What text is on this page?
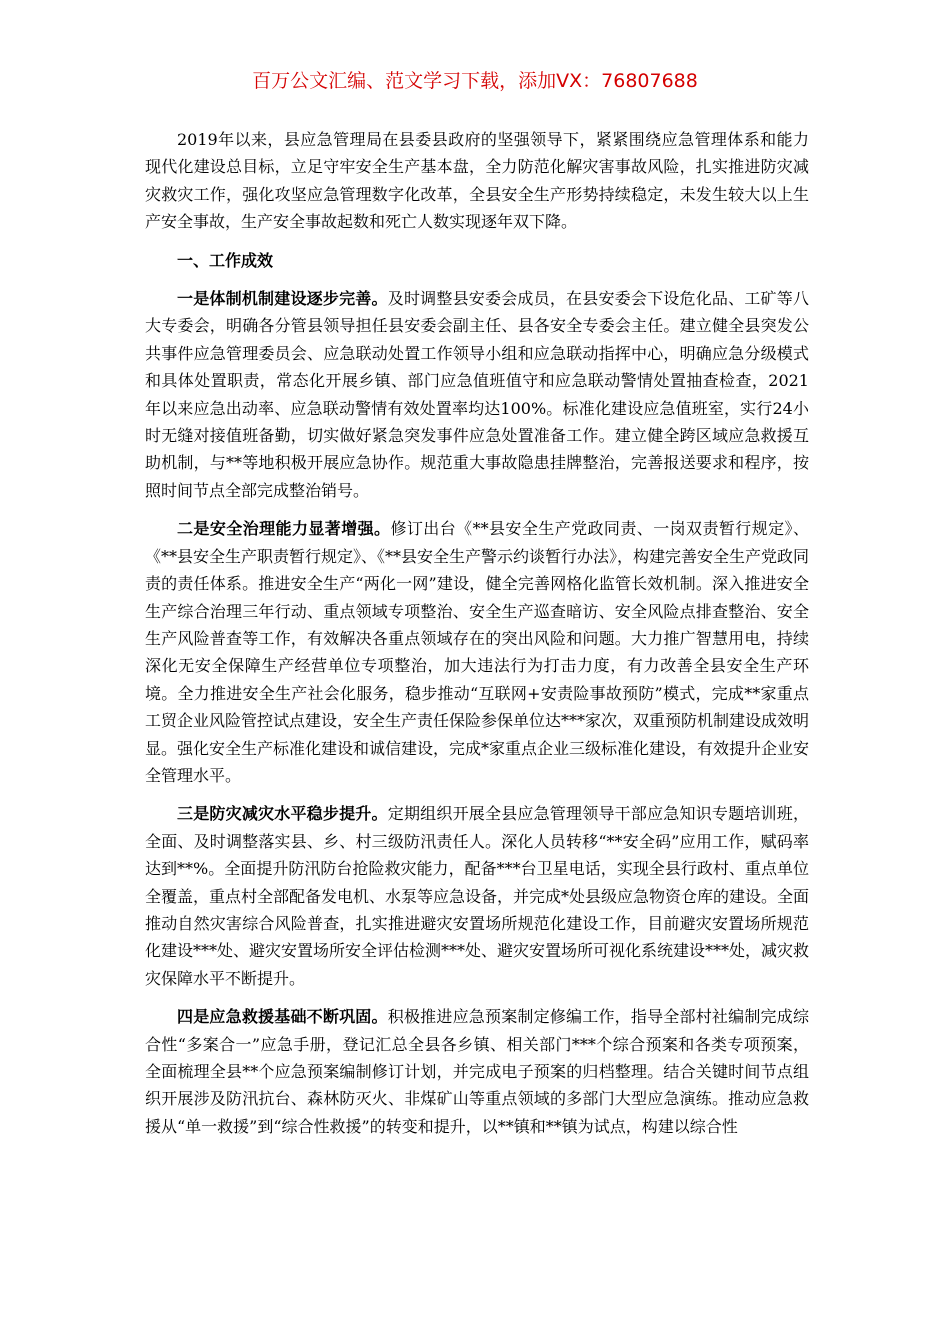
百万公文汇编、范文学习下载，添加VX：76807688

2019年以来，县应急管理局在县委县政府的坚强领导下，紧紧围绕应急管理体系和能力现代化建设总目标，立足守牢安全生产基本盘，全力防范化解灾害事故风险，扎实推进防灾减灾救灾工作，强化攻坚应急管理数字化改革，全县安全生产形势持续稳定，未发生较大以上生产安全事故，生产安全事故起数和死亡人数实现逐年双下降。

一、工作成效

一是体制机制建设逐步完善。及时调整县安委会成员，在县安委会下设危化品、工矿等八大专委会，明确各分管县领导担任县安委会副主任、县各安全专委会主任。建立健全县突发公共事件应急管理委员会、应急联动处置工作领导小组和应急联动指挥中心，明确应急分级模式和具体处置职责，常态化开展乡镇、部门应急值班值守和应急联动警情处置抽查检查，2021年以来应急出动率、应急联动警情有效处置率均达100%。标准化建设应急值班室，实行24小时无缝对接值班备勤，切实做好紧急突发事件应急处置准备工作。建立健全跨区域应急救援互助机制，与**等地积极开展应急协作。规范重大事故隐患挂牌整治，完善报送要求和程序，按照时间节点全部完成整治销号。

二是安全治理能力显著增强。修订出台《**县安全生产党政同责、一岗双责暂行规定》、《**县安全生产职责暂行规定》、《**县安全生产警示约谈暂行办法》，构建完善安全生产党政同责的责任体系。推进安全生产“两化一网”建设，健全完善网格化监管长效机制。深入推进安全生产综合治理三年行动、重点领域专项整治、安全生产巡查暗访、安全风险点排查整治、安全生产风险普查等工作，有效解决各重点领域存在的突出风险和问题。大力推广智慧用电，持续深化无安全保障生产经营单位专项整治，加大违法行为打击力度，有力改善全县安全生产环境。全力推进安全生产社会化服务，稳步推动“互联网+安责险事故预防”模式，完成**家重点工贸企业风险管控试点建设，安全生产责任保险参保单位达***家次，双重预防机制建设成效明显。强化安全生产标准化建设和诚信建设，完成*家重点企业三级标准化建设，有效提升企业安全管理水平。

三是防灾减灾水平稳步提升。定期组织开展全县应急管理领导干部应急知识专题培训班，全面、及时调整落实县、乡、村三级防汛责任人。深化人员转移“**安全码”应用工作，赋码率达到**%。全面提升防汛防台抢险救灾能力，配备***台卫星电话，实现全县行政村、重点单位全覆盖，重点村全部配备发电机、水泵等应急设备，并完成*处县级应急物资仓库的建设。全面推动自然灾害综合风险普查，扎实推进避灾安置场所规范化建设工作，目前避灾安置场所规范化建设***处、避灾安置场所安全评估检测***处、避灾安置场所可视化系统建设***处，减灾救灾保障水平不断提升。

四是应急救援基础不断巩固。积极推进应急预案制定修编工作，指导全部村社编制完成综合性“多案合一”应急手册，登记汇总全县各乡镇、相关部门***个综合预案和各类专项预案，全面梳理全县**个应急预案编制修订计划，并完成电子预案的归档整理。结合关键时间节点组织开展涉及防汛抗台、森林防灭火、非煤矿山等重点领域的多部门大型应急演练。推动应急救援从“单一救援”到“综合性救援”的转变和提升，以**镇和**镇为试点，构建以综合性
